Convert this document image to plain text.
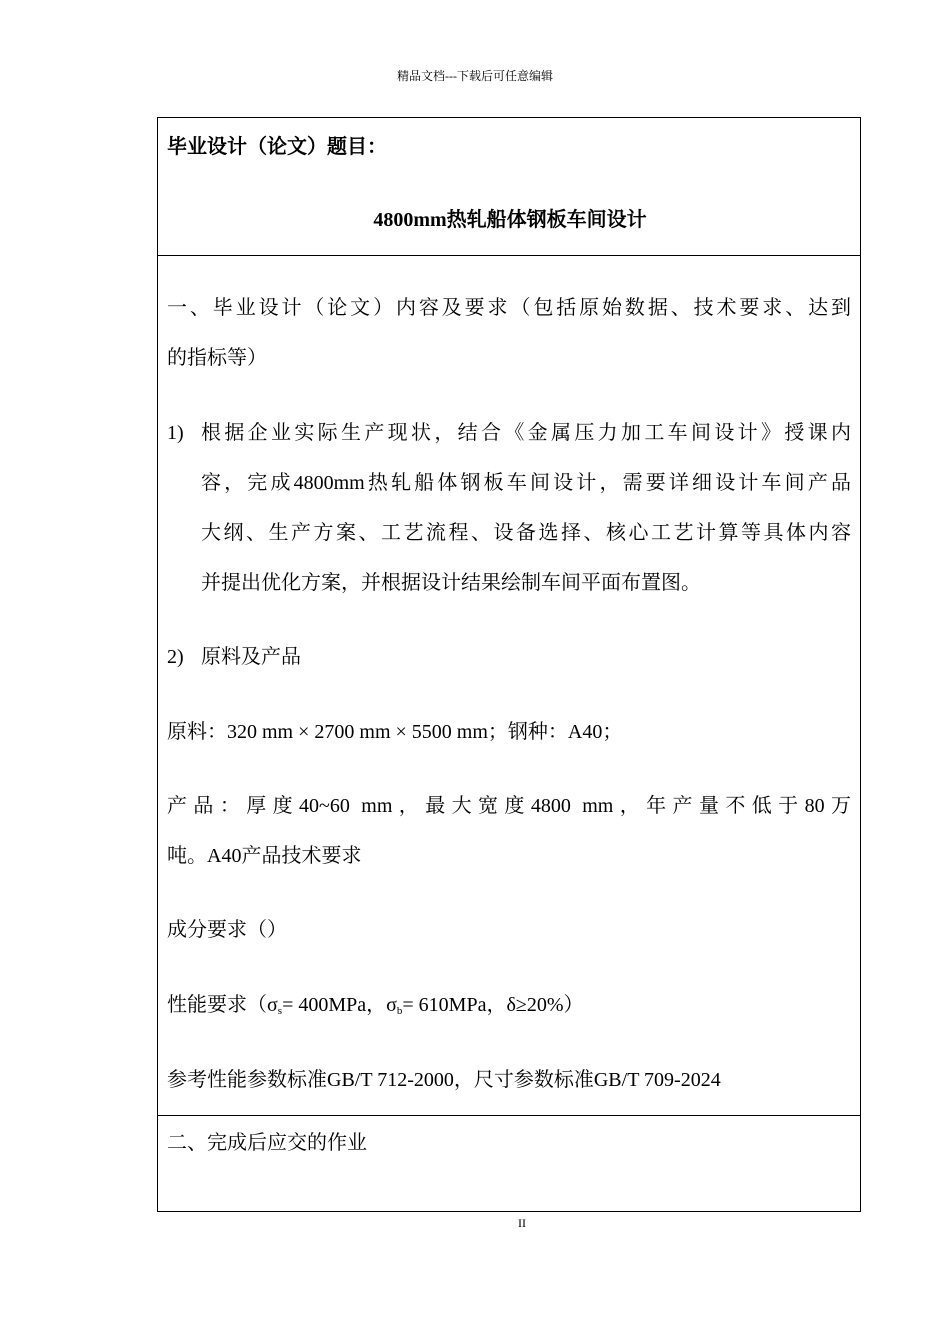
精品文档---下载后可任意编辑
毕业设计（论文）题目：
4800mm热轧船体钢板车间设计
一、毕业设计（论文）内容及要求（包括原始数据、技术要求、达到
的指标等）
1) 根据企业实际生产现状，结合《金属压力加工车间设计》授课内
容，完成4800mm热轧船体钢板车间设计，需要详细设计车间产品
大纲、生产方案、工艺流程、设备选择、核心工艺计算等具体内容
并提出优化方案，并根据设计结果绘制车间平面布置图。
2) 原料及产品
原料：320 mm × 2700 mm × 5500 mm；钢种：A40；
产品：厚度40~60 mm，最大宽度4800 mm，年产量不低于80万
吨。A40产品技术要求
成分要求（）
性能要求（$\sigma_s= 400MPa$，$\sigma_b= 610MPa$，δ≥20%）
参考性能参数标准GB/T 712-2000，尺寸参数标准GB/T 709-2024
二、完成后应交的作业
II
